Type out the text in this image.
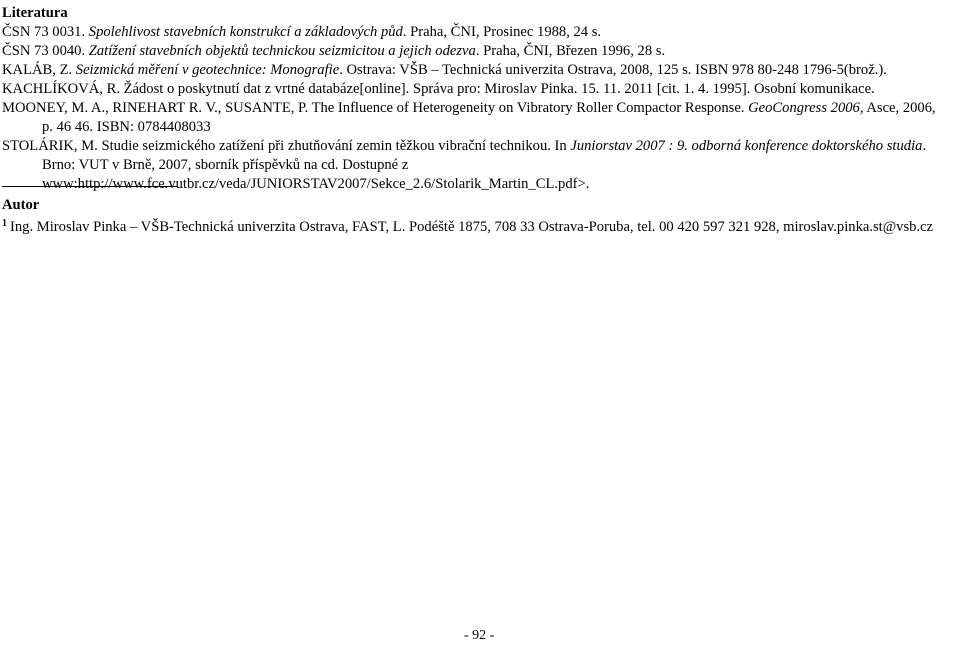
Literatura
ČSN 73 0031. Spolehlivost stavebních konstrukcí a základových půd. Praha, ČNI, Prosinec 1988, 24 s.
ČSN 73 0040. Zatížení stavebních objektů technickou seizmicitou a jejich odezva. Praha, ČNI, Březen 1996, 28 s.
KALÁB, Z. Seizmická měření v geotechnice: Monografie. Ostrava: VŠB – Technická univerzita Ostrava, 2008, 125 s. ISBN 978 80-248 1796-5(brož.).
KACHLÍKOVÁ, R. Žádost o poskytnutí dat z vrtné databáze[online]. Správa pro: Miroslav Pinka. 15. 11. 2011 [cit. 1. 4. 1995]. Osobní komunikace.
MOONEY, M. A., RINEHART R. V., SUSANTE, P. The Influence of Heterogeneity on Vibratory Roller Compactor Response. GeoCongress 2006, Asce, 2006,
p. 46 46. ISBN: 0784408033
STOLÁRIK, M. Studie seizmického zatížení při zhutňování zemin těžkou vibrační technikou. In Juniorstav 2007 : 9. odborná konference doktorského studia.
Brno: VUT v Brně, 2007, sborník příspěvků na cd. Dostupné z
www:http://www.fce.vutbr.cz/veda/JUNIORSTAV2007/Sekce_2.6/Stolarik_Martin_CL.pdf>.
Autor
$^1$ Ing. Miroslav Pinka – VŠB-Technická univerzita Ostrava, FAST, L. Podéště 1875, 708 33 Ostrava-Poruba, tel. 00 420 597 321 928, miroslav.pinka.st@vsb.cz
- 92 -
